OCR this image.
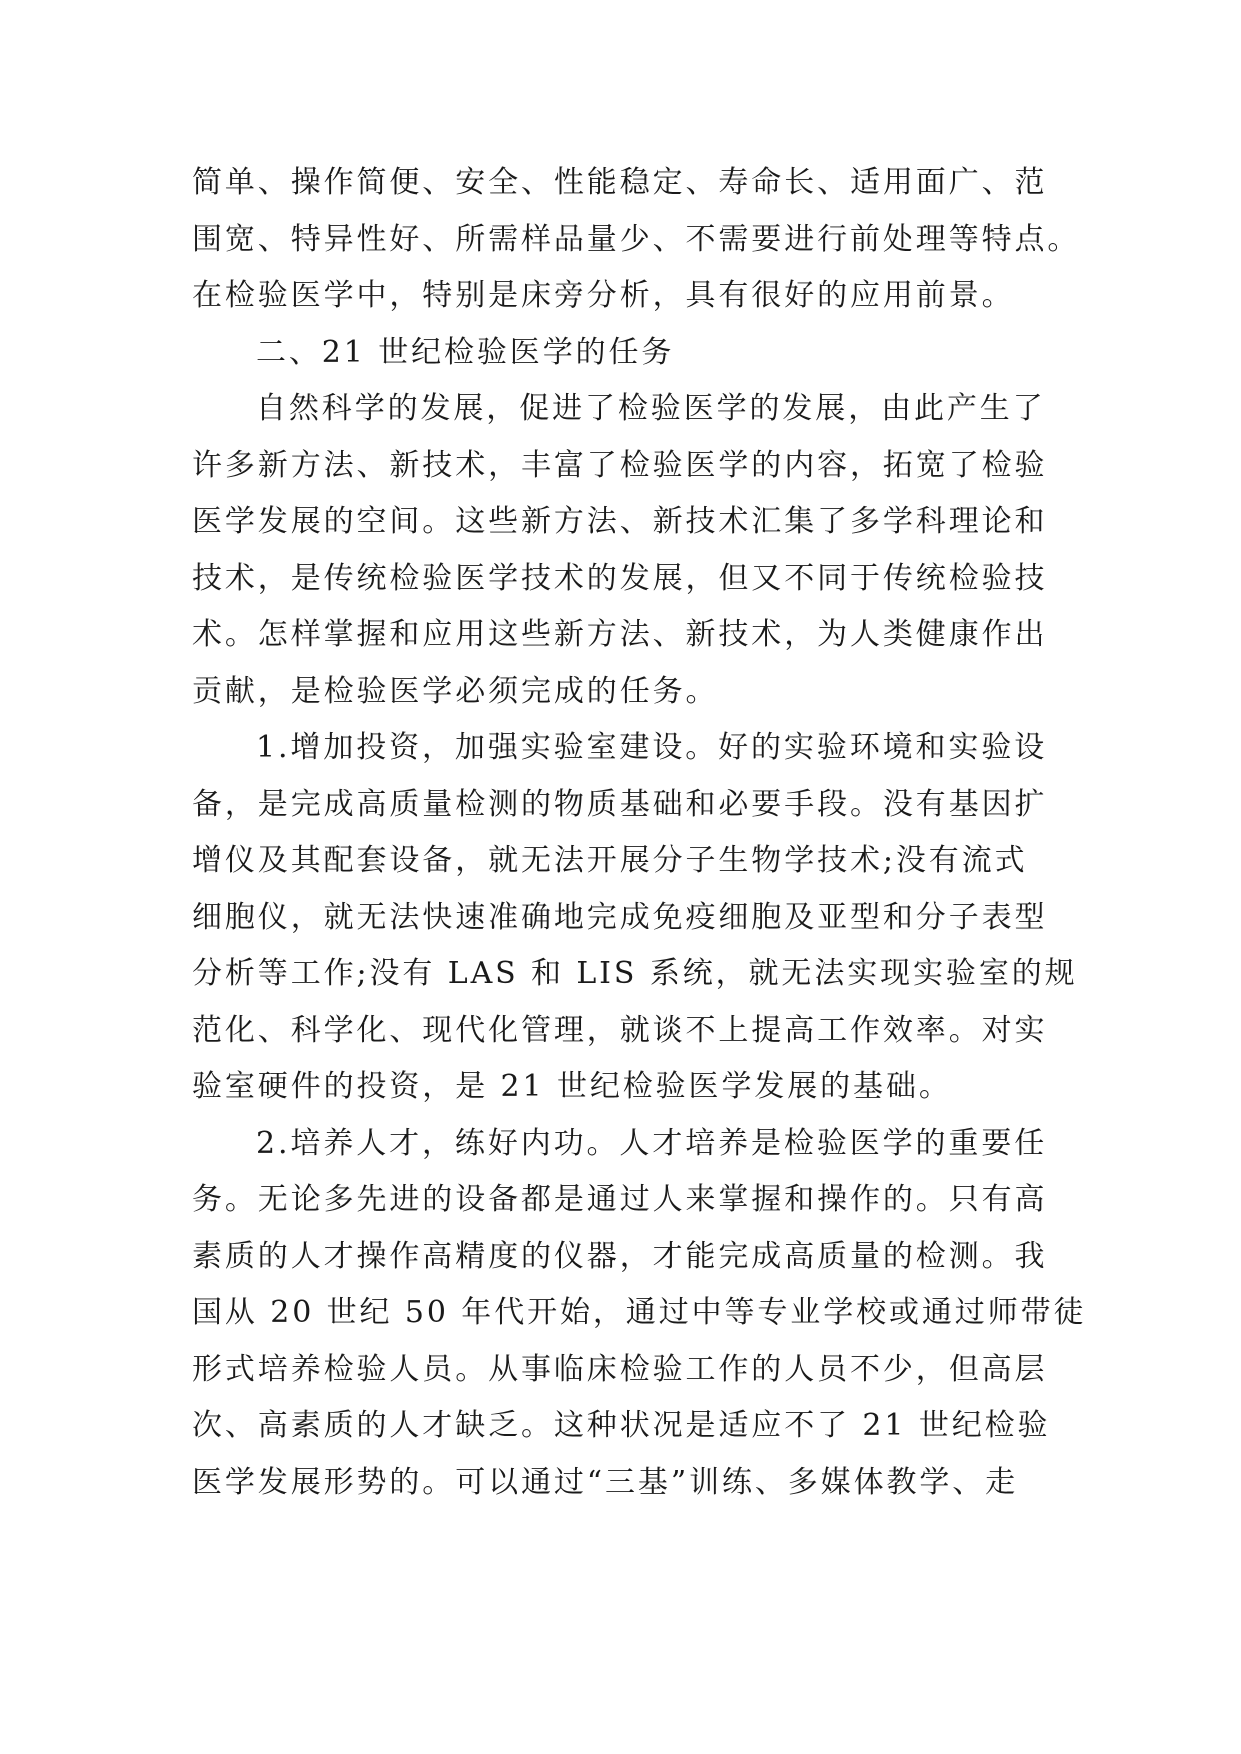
简单、操作简便、安全、性能稳定、寿命长、适用面广、范
围宽、特异性好、所需样品量少、不需要进行前处理等特点。
在检验医学中，特别是床旁分析，具有很好的应用前景。
二、21 世纪检验医学的任务
自然科学的发展，促进了检验医学的发展，由此产生了
许多新方法、新技术，丰富了检验医学的内容，拓宽了检验
医学发展的空间。这些新方法、新技术汇集了多学科理论和
技术，是传统检验医学技术的发展，但又不同于传统检验技
术。怎样掌握和应用这些新方法、新技术，为人类健康作出
贡献，是检验医学必须完成的任务。
1.增加投资，加强实验室建设。好的实验环境和实验设
备，是完成高质量检测的物质基础和必要手段。没有基因扩
增仪及其配套设备，就无法开展分子生物学技术;没有流式
细胞仪，就无法快速准确地完成免疫细胞及亚型和分子表型
分析等工作;没有 LAS 和 LIS 系统，就无法实现实验室的规
范化、科学化、现代化管理，就谈不上提高工作效率。对实
验室硬件的投资，是 21 世纪检验医学发展的基础。
2.培养人才，练好内功。人才培养是检验医学的重要任
务。无论多先进的设备都是通过人来掌握和操作的。只有高
素质的人才操作高精度的仪器，才能完成高质量的检测。我
国从 20 世纪 50 年代开始，通过中等专业学校或通过师带徒
形式培养检验人员。从事临床检验工作的人员不少，但高层
次、高素质的人才缺乏。这种状况是适应不了 21 世纪检验
医学发展形势的。可以通过“三基”训练、多媒体教学、走
